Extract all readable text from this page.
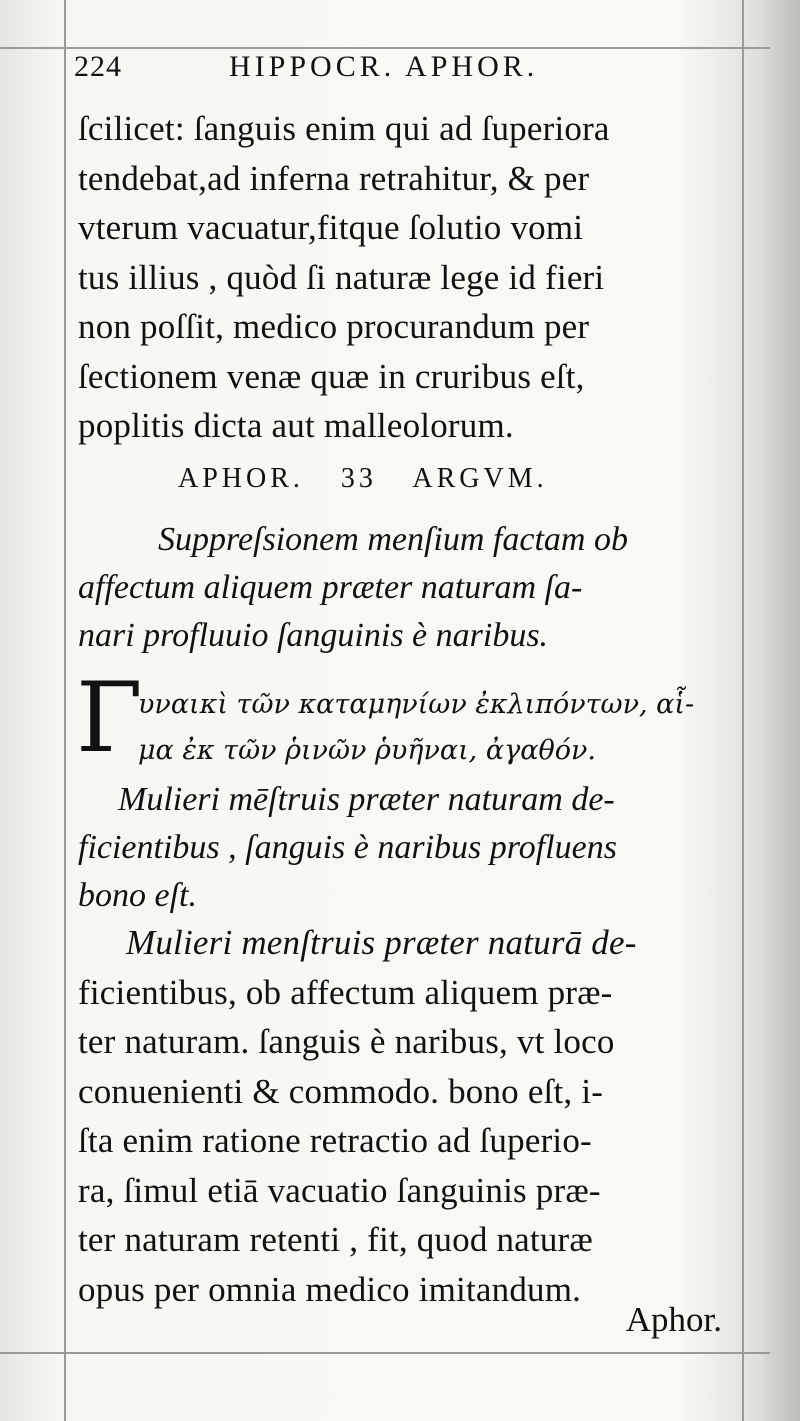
224	HIPPOCR. APHOR.
ſcilicet: ſanguis enim qui ad ſuperiora
tendebat,ad inferna retrahitur, & per
vterum vacuatur,fitque ſolutio vomi
tus illius , quòd ſi naturæ lege id fieri
non poſſit, medico procurandum per
ſectionem venæ quæ in cruribus eſt,
poplitis dicta aut malleolorum.
APHOR. 33 ARGVM.
Suppreſsionem menſium factam ob
affectum aliquem præter naturam ſa-
nari profluuio ſanguinis è naribus.
Γ
υναικὶ τῶν καταμηνίων ἐκλιπόντων, αἷ-
μα ἐκ τῶν ῥινῶν ῥυῆναι, ἀγαθόν.
Mulieri mēſtruis præter naturam de-
ficientibus , ſanguis è naribus profluens
bono eſt.
Mulieri menſtruis præter naturā de-
ficientibus, ob affectum aliquem præ-
ter naturam. ſanguis è naribus, vt loco
conuenienti & commodo. bono eſt, i-
ſta enim ratione retractio ad ſuperio-
ra, ſimul etiā vacuatio ſanguinis præ-
ter naturam retenti , fit, quod naturæ
opus per omnia medico imitandum.
Aphor.
